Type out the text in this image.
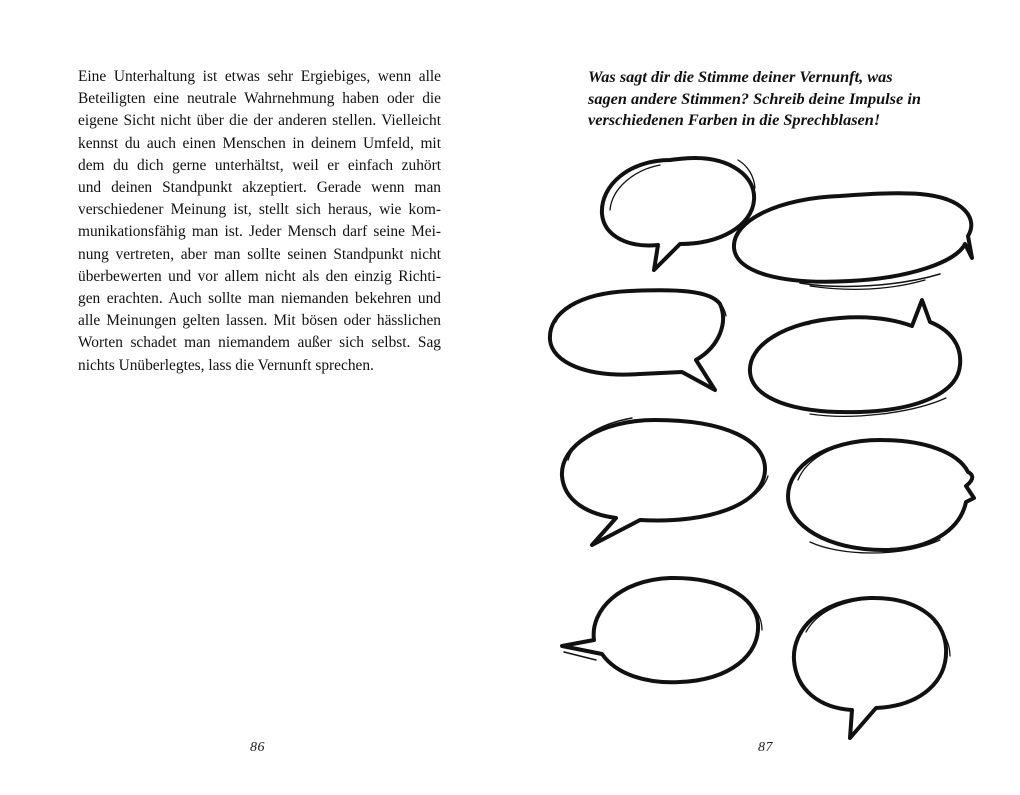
Eine Unterhaltung ist etwas sehr Ergiebiges, wenn alle
Beteiligten eine neutrale Wahrnehmung haben oder die
eigene Sicht nicht über die der anderen stellen. Vielleicht
kennst du auch einen Menschen in deinem Umfeld, mit
dem du dich gerne unterhältst, weil er einfach zuhört
und deinen Standpunkt akzeptiert. Gerade wenn man
verschiedener Meinung ist, stellt sich heraus, wie kom-
munikationsfähig man ist. Jeder Mensch darf seine Mei-
nung vertreten, aber man sollte seinen Standpunkt nicht
überbewerten und vor allem nicht als den einzig Richti-
gen erachten. Auch sollte man niemanden bekehren und
alle Meinungen gelten lassen. Mit bösen oder hässlichen
Worten schadet man niemandem außer sich selbst. Sag
nichts Unüberlegtes, lass die Vernunft sprechen.

86

Was sagt dir die Stimme deiner Vernunft, was
sagen andere Stimmen? Schreib deine Impulse in
verschiedenen Farben in die Sprechblasen!

87
